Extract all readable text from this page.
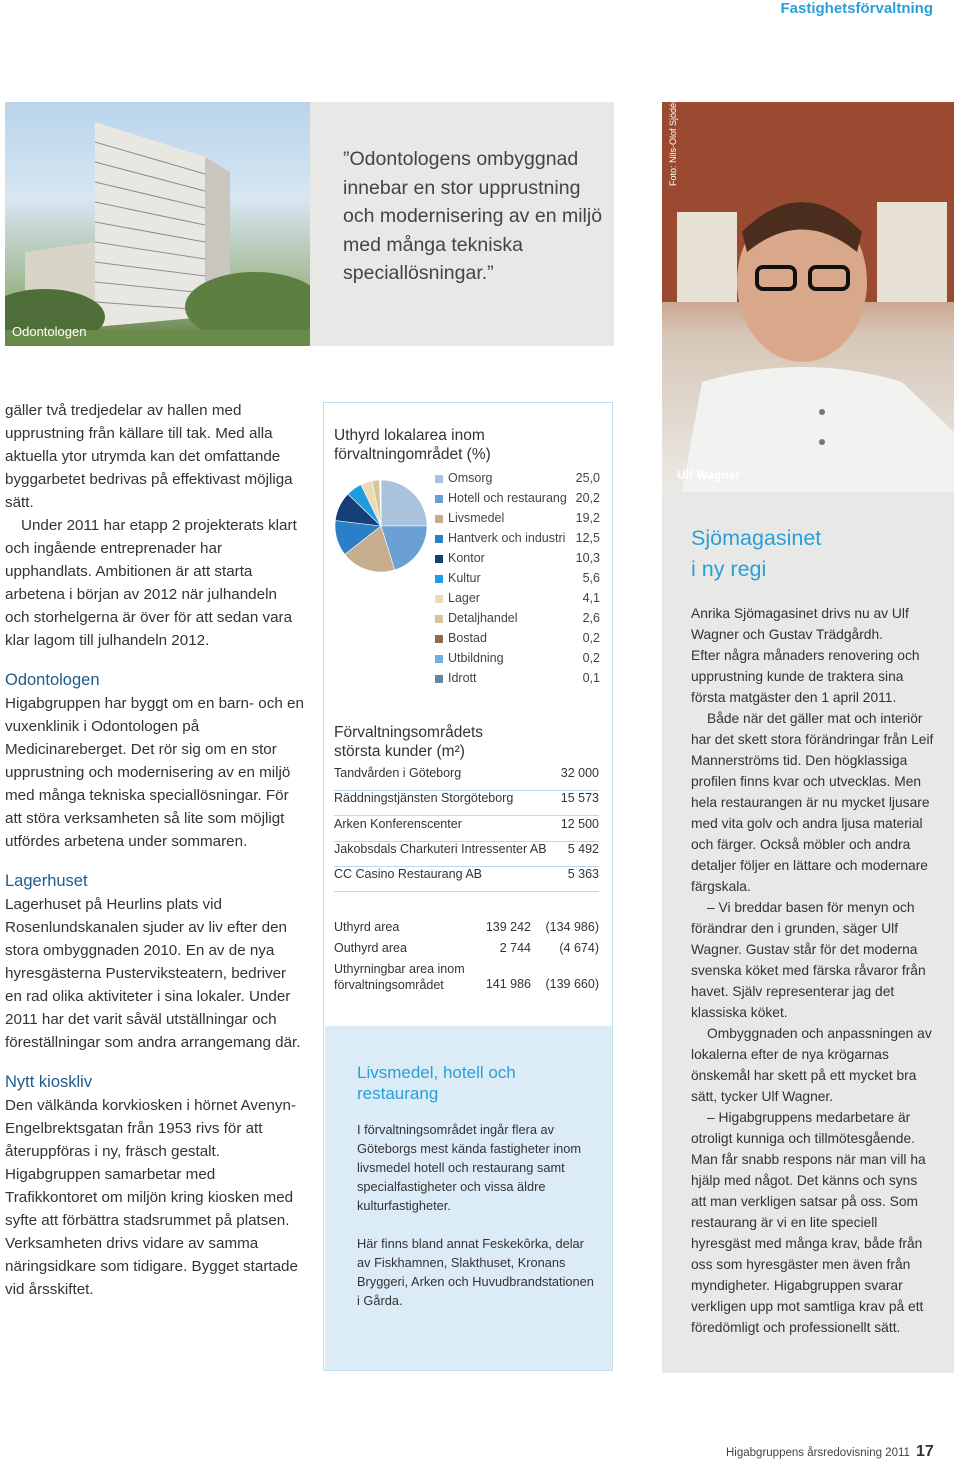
Fastighetsförvaltning
Odontologen
”Odontologens ombyggnad innebar en stor upprustning och modernisering av en miljö med många tekniska speciallösningar.”
Foto: Nils-Olof Sjödén
Ulf Wagner

gäller två tredjedelar av hallen med upprustning från källare till tak. Med alla aktuella ytor utrymda kan det omfattande byggarbetet bedrivas på effektivast möjliga sätt.

Under 2011 har etapp 2 projekterats klart och ingående entreprenader har upphandlats. Ambitionen är att starta arbetena i början av 2012 när julhandeln och storhelgerna är över för att sedan vara klar lagom till julhandeln 2012.

Odontologen

Higabgruppen har byggt om en barn- och en vuxenklinik i Odontologen på Medicinareberget. Det rör sig om en stor upprustning och modernisering av en miljö med många tekniska speciallösningar. För att störa verksamheten så lite som möjligt utfördes arbetena under sommaren.

Lagerhuset

Lagerhuset på Heurlins plats vid Rosenlundskanalen sjuder av liv efter den stora ombyggnaden 2010. En av de nya hyresgästerna Pusterviksteatern, bedriver en rad olika aktiviteter i sina lokaler. Under 2011 har det varit såväl utställningar och föreställningar som andra arrangemang där.

Nytt kioskliv

Den välkända korvkiosken i hörnet Avenyn-Engelbrektsgatan från 1953 rivs för att återuppföras i ny, fräsch gestalt. Higabgruppen samarbetar med Trafikkontoret om miljön kring kiosken med syfte att förbättra stadsrummet på platsen. Verksamheten drivs vidare av samma näringsidkare som tidigare. Bygget startade vid årsskiftet.

Uthyrd lokalarea inom förvaltningområdet (%)
Omsorg	25,0
Hotell och restaurang 20,2
Livsmedel	19,2
Hantverk och industri 12,5
Kontor	10,3
Kultur	5,6
Lager	4,1
Detaljhandel	2,6
Bostad	0,2
Utbildning	0,2
Idrott	0,1
Förvaltningsområdets största kunder (m²)
Tandvården i Göteborg	32 000
Räddningstjänsten Storgöteborg	15 573
Arken Konferenscenter	12 500
Jakobsdals Charkuteri Intressenter AB 5 492
CC Casino Restaurang AB	5 363
Uthyrd area	139 242 (134 986)
Outhyrd area	2 744 (4 674)
Uthyrningbar area inom förvaltningsområdet	141 986 (139 660)
Livsmedel, hotell och restaurang
I förvaltningsområdet ingår flera av Göteborgs mest kända fastigheter inom livsmedel hotell och restaurang samt specialfastigheter och vissa äldre kulturfastigheter.
Här finns bland annat Feskekôrka, delar av Fiskhamnen, Slakthuset, Kronans Bryggeri, Arken och Huvudbrandstationen i Gårda.
Sjömagasinet
i ny regi

Anrika Sjömagasinet drivs nu av Ulf Wagner och Gustav Trädgårdh.

Efter några månaders renovering och upprustning kunde de traktera sina första matgäster den 1 april 2011.

Både när det gäller mat och interiör har det skett stora förändringar från Leif Mannerströms tid. Den högklassiga profilen finns kvar och utvecklas. Men hela restaurangen är nu mycket ljusare med vita golv och andra ljusa material och färger. Också möbler och andra detaljer följer en lättare och modernare färgskala.

– Vi breddar basen för menyn och förändrar den i grunden, säger Ulf Wagner. Gustav står för det moderna svenska köket med färska råvaror från havet. Själv representerar jag det klassiska köket.

Ombyggnaden och anpassningen av lokalerna efter de nya krögarnas önskemål har skett på ett mycket bra sätt, tycker Ulf Wagner.

– Higabgruppens medarbetare är otroligt kunniga och tillmötesgående. Man får snabb respons när man vill ha hjälp med något. Det känns och syns att man verkligen satsar på oss. Som restaurang är vi en lite speciell hyresgäst med många krav, både från oss som hyresgäster men även från myndigheter. Higabgruppen svarar verkligen upp mot samtliga krav på ett föredömligt och professionellt sätt.

Higabgruppens årsredovisning 2011 17
